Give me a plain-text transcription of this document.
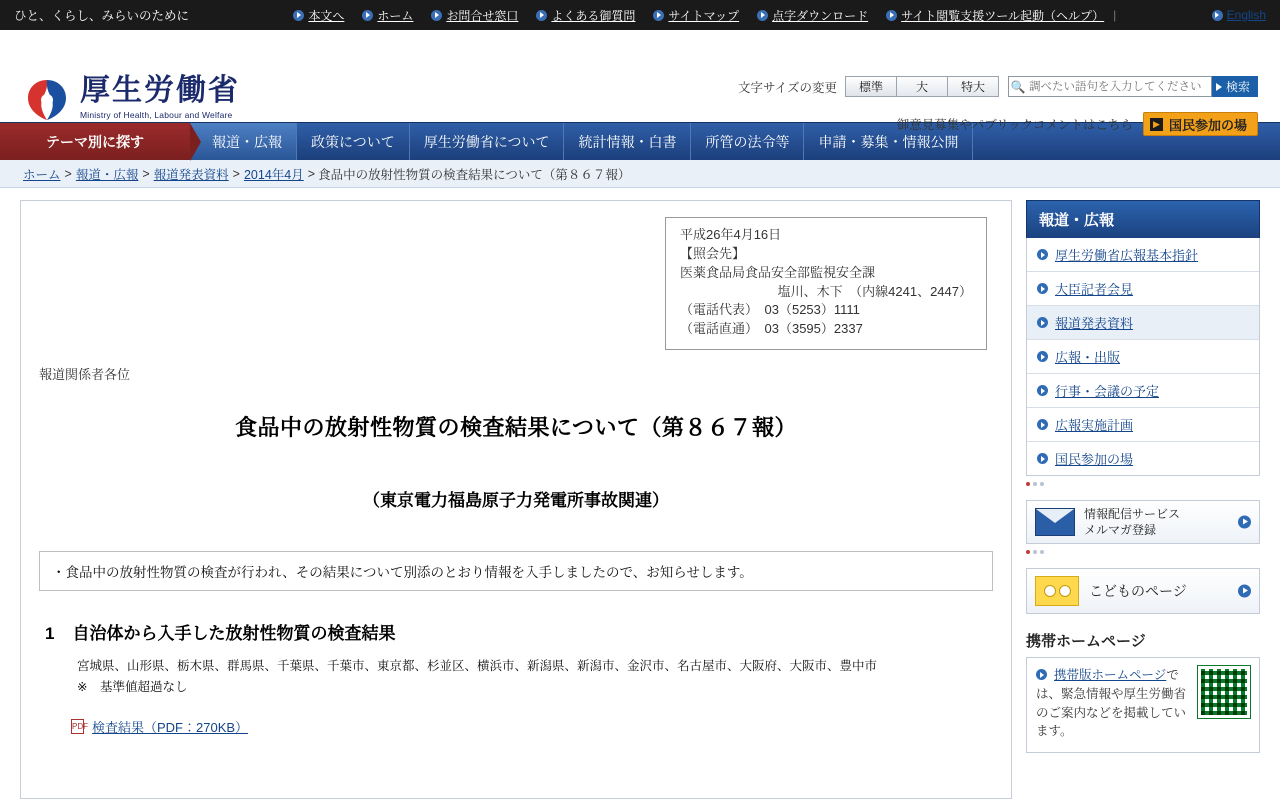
ひと、くらし、みらいのために	本文へ	ホーム	お問合せ窓口	よくある御質問	サイトマップ	点字ダウンロード	サイト閲覧支援ツール起動（ヘルプ） |	English
厚生労働省
Ministry of Health, Labour and Welfare
文字サイズの変更	標準	大	特大	🔍
調べたい語句を入力してください	検索
御意見募集やパブリックコメントはこちら	▶ 国民参加の場
テーマ別に探す	報道・広報	政策について	厚生労働省について	統計情報・白書	所管の法令等	申請・募集・情報公開
ホーム > 報道・広報 > 報道発表資料 > 2014年4月 > 食品中の放射性物質の検査結果について（第８６７報）
平成26年4月16日
【照会先】
医薬食品局食品安全部監視安全課
塩川、木下　（内線4241、2447）
（電話代表）　03（5253）1111
（電話直通）　03（3595）2337
報道関係者各位
食品中の放射性物質の検査結果について（第８６７報）
（東京電力福島原子力発電所事故関連）
・食品中の放射性物質の検査が行われ、その結果について別添のとおり情報を入手しましたので、お知らせします。
1 自治体から入手した放射性物質の検査結果
宮城県、山形県、栃木県、群馬県、千葉県、千葉市、東京都、杉並区、横浜市、新潟県、新潟市、金沢市、名古屋市、大阪府、大阪市、豊中市
※　基準値超過なし
PDF 検査結果（PDF：270KB）
報道・広報
厚生労働省広報基本指針
大臣記者会見
報道発表資料
広報・出版
行事・会議の予定
広報実施計画
国民参加の場
情報配信サービス
メルマガ登録
こどものページ
携帯ホームページ
携帯版ホームページでは、緊急情報や厚生労働省のご案内などを掲載しています。
